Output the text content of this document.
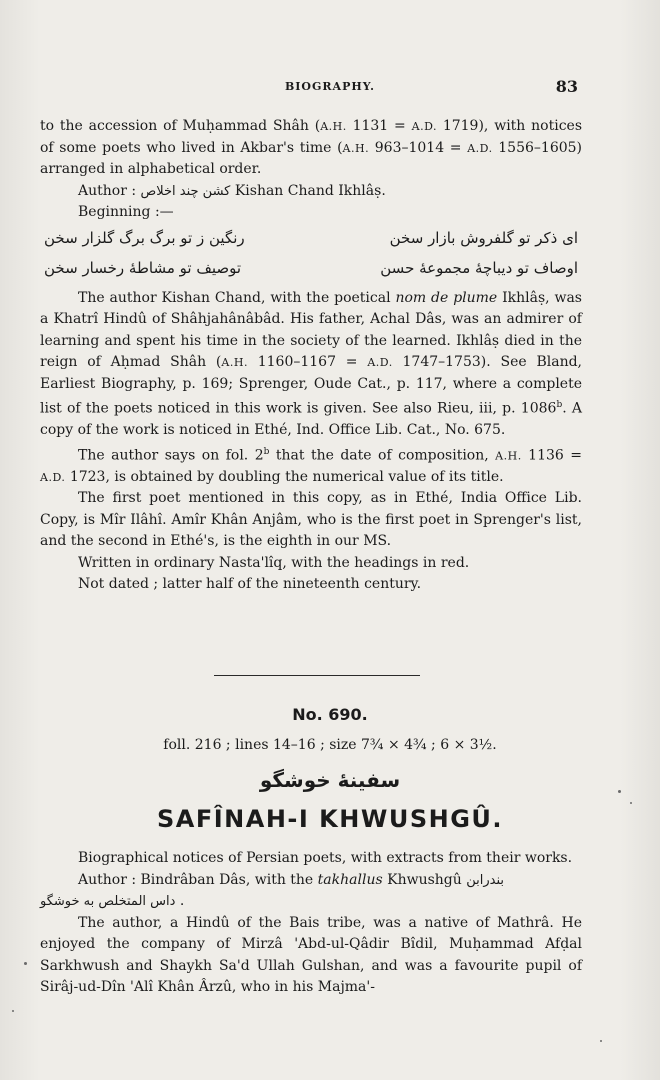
BIOGRAPHY.	83

to the accession of Muḥammad Shâh (A.H. 1131 = A.D. 1719), with notices of some poets who lived in Akbar's time (A.H. 963–1014 = A.D. 1556–1605) arranged in alphabetical order.

Author : کشن چند اخلاص Kishan Chand Ikhlâṣ.

Beginning :—

ای ذکر تو گلفروش بازار سخن
رنگین ز تو برگ برگ گلزار سخن
اوصاف تو دیباچهٔ مجموعهٔ حسن
توصیف تو مشاطهٔ رخسار سخن

The author Kishan Chand, with the poetical nom de plume Ikhlâṣ, was a Khatrî Hindû of Shâhjahânâbâd. His father, Achal Dâs, was an admirer of learning and spent his time in the society of the learned. Ikhlâṣ died in the reign of Aḥmad Shâh (A.H. 1160–1167 = A.D. 1747–1753). See Bland, Earliest Biography, p. 169; Sprenger, Oude Cat., p. 117, where a complete list of the poets noticed in this work is given. See also Rieu, iii, p. 1086$^b$. A copy of the work is noticed in Ethé, Ind. Office Lib. Cat., No. 675.

The author says on fol. 2$^b$ that the date of composition, A.H. 1136 = A.D. 1723, is obtained by doubling the numerical value of its title.

The first poet mentioned in this copy, as in Ethé, India Office Lib. Copy, is Mîr Ilâhî. Amîr Khân Anjâm, who is the first poet in Sprenger's list, and the second in Ethé's, is the eighth in our MS.

Written in ordinary Nasta'lîq, with the headings in red.

Not dated ; latter half of the nineteenth century.

No. 690.
foll. 216 ; lines 14–16 ; size 7¾ × 4¾ ; 6 × 3½.
سفینهٔ خوشگو
SAFÎNAH-I KHWUSHGÛ.

Biographical notices of Persian poets, with extracts from their works.

Author : Bindrâban Dâs, with the takhallus Khwushgû بندرابن

داس المتخلص به خوشگو .

The author, a Hindû of the Bais tribe, was a native of Mathrâ. He enjoyed the company of Mirzâ 'Abd-ul-Qâdir Bîdil, Muḥammad Afḍal Sarkhwush and Shaykh Sa'd Ullah Gulshan, and was a favourite pupil of Sirâj-ud-Dîn 'Alî Khân Ârzû, who in his Majma'-
